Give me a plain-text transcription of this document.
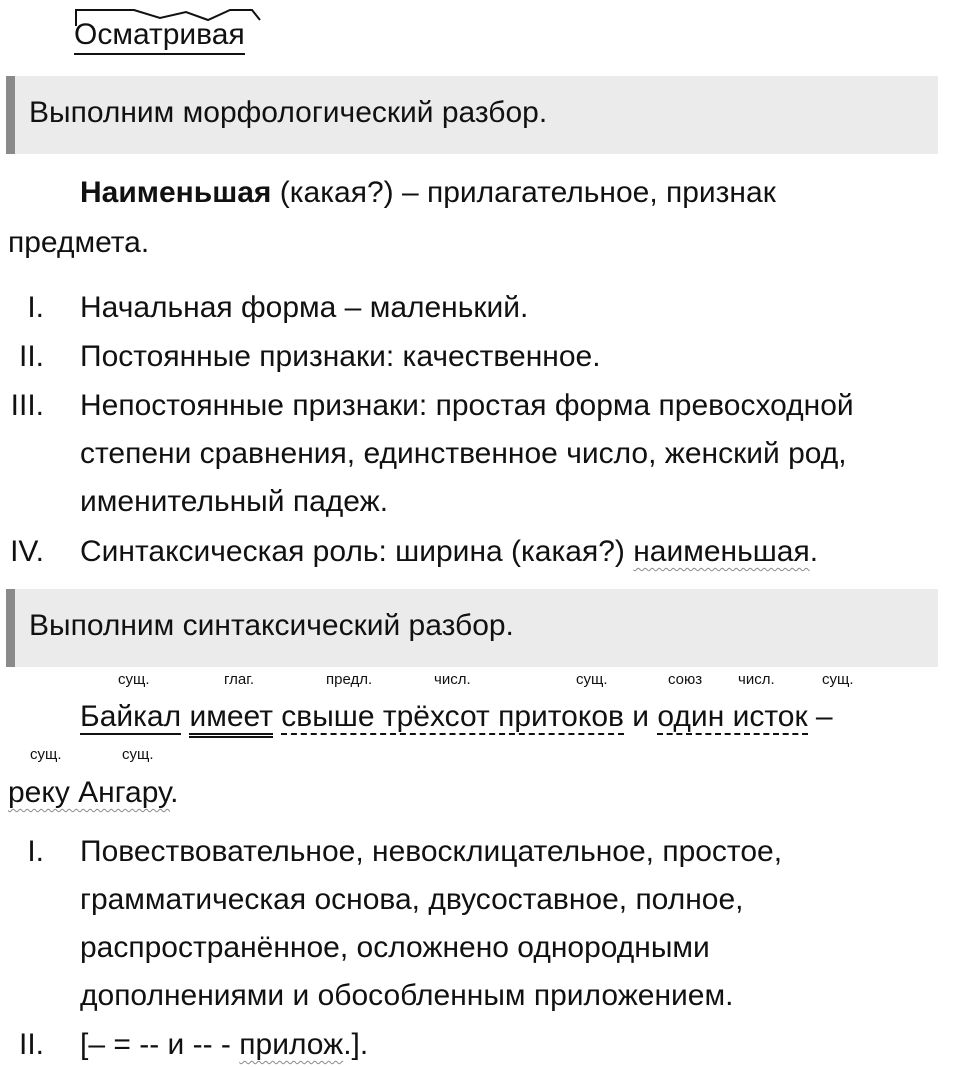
Осматривая
Выполним морфологический разбор.
Наименьшая (какая?) – прилагательное, признак
предмета.
I. Начальная форма – маленький.
II. Постоянные признаки: качественное.
III. Непостоянные признаки: простая форма превосходной
степени сравнения, единственное число, женский род,
именительный падеж.
IV. Синтаксическая роль: ширина (какая?) наименьшая.
Выполним синтаксический разбор.
сущ.	глаг.	предл.	числ.	сущ.	союз числ.	сущ.
Байкал имеет свыше трёхсот притоков и один исток –
сущ.	сущ.
реку Ангару.
I. Повествовательное, невосклицательное, простое,
грамматическая основа, двусоставное, полное,
распространённое, осложнено однородными
дополнениями и обособленным приложением.
II. [– = -- и -- - прилож.].
